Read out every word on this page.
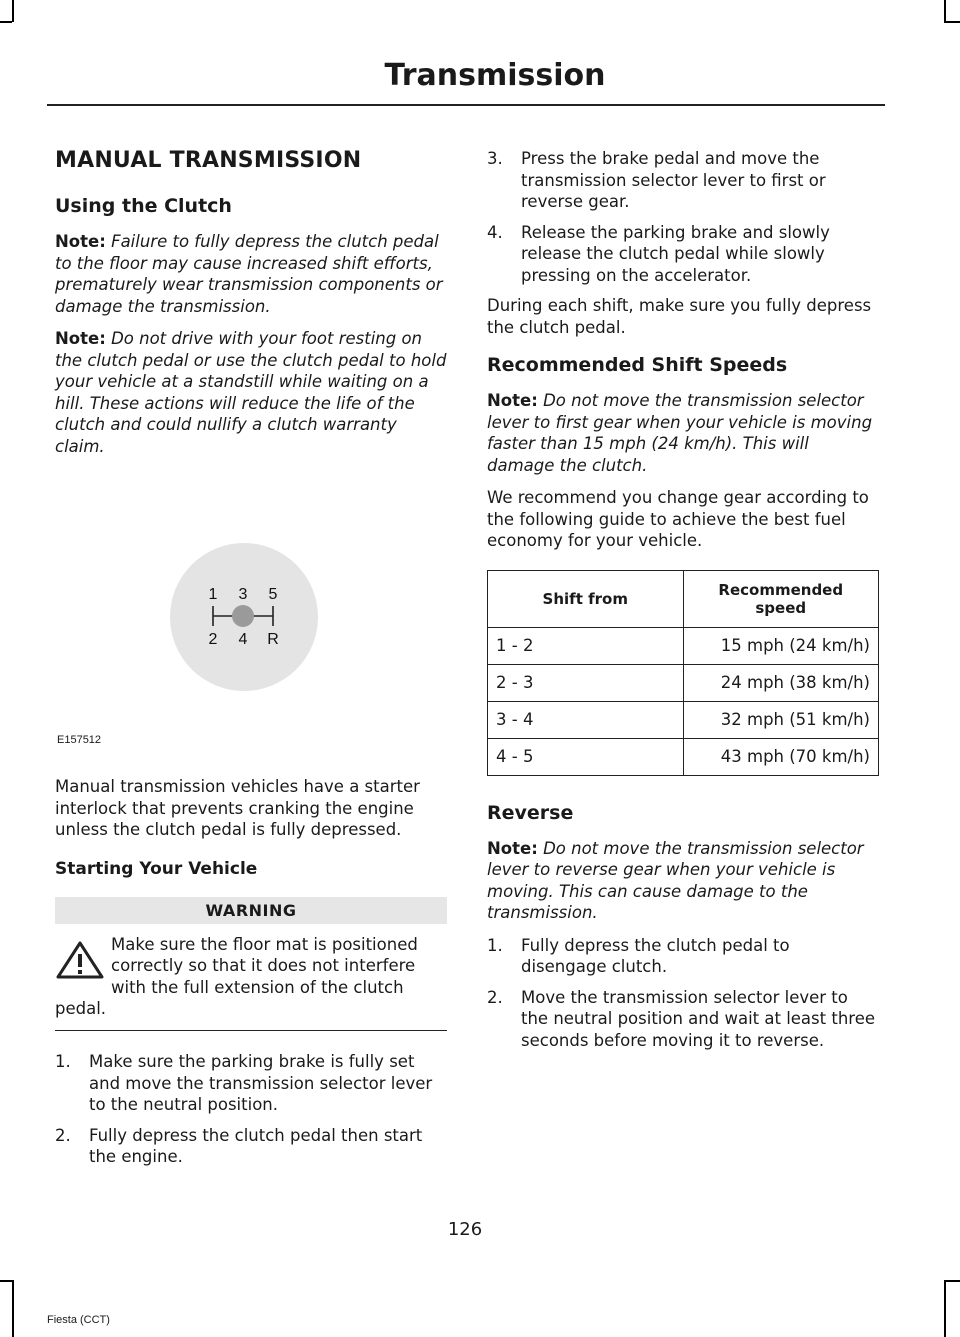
Transmission
MANUAL TRANSMISSION
Using the Clutch

Note: Failure to fully depress the clutch pedal to the floor may cause increased shift efforts, prematurely wear transmission components or damage the transmission.

Note: Do not drive with your foot resting on the clutch pedal or use the clutch pedal to hold your vehicle at a standstill while waiting on a hill. These actions will reduce the life of the clutch and could nullify a clutch warranty claim.

1 3 5
2 4 R
E157512

Manual transmission vehicles have a starter interlock that prevents cranking the engine unless the clutch pedal is fully depressed.

Starting Your Vehicle
WARNING
Make sure the floor mat is positioned correctly so that it does not interfere with the full extension of the clutch pedal.
1. Make sure the parking brake is fully set and move the transmission selector lever to the neutral position.
2. Fully depress the clutch pedal then start the engine.
3. Press the brake pedal and move the transmission selector lever to first or reverse gear.
4. Release the parking brake and slowly release the clutch pedal while slowly pressing on the accelerator.

During each shift, make sure you fully depress the clutch pedal.

Recommended Shift Speeds

Note: Do not move the transmission selector lever to first gear when your vehicle is moving faster than 15 mph (24 km/h). This will damage the clutch.

We recommend you change gear according to the following guide to achieve the best fuel economy for your vehicle.

Shift from	Recommended speed
1 - 2	15 mph (24 km/h)
2 - 3	24 mph (38 km/h)
3 - 4	32 mph (51 km/h)
4 - 5	43 mph (70 km/h)
Reverse

Note: Do not move the transmission selector lever to reverse gear when your vehicle is moving. This can cause damage to the transmission.

1. Fully depress the clutch pedal to disengage clutch.
2. Move the transmission selector lever to the neutral position and wait at least three seconds before moving it to reverse.
126
Fiesta (CCT)
